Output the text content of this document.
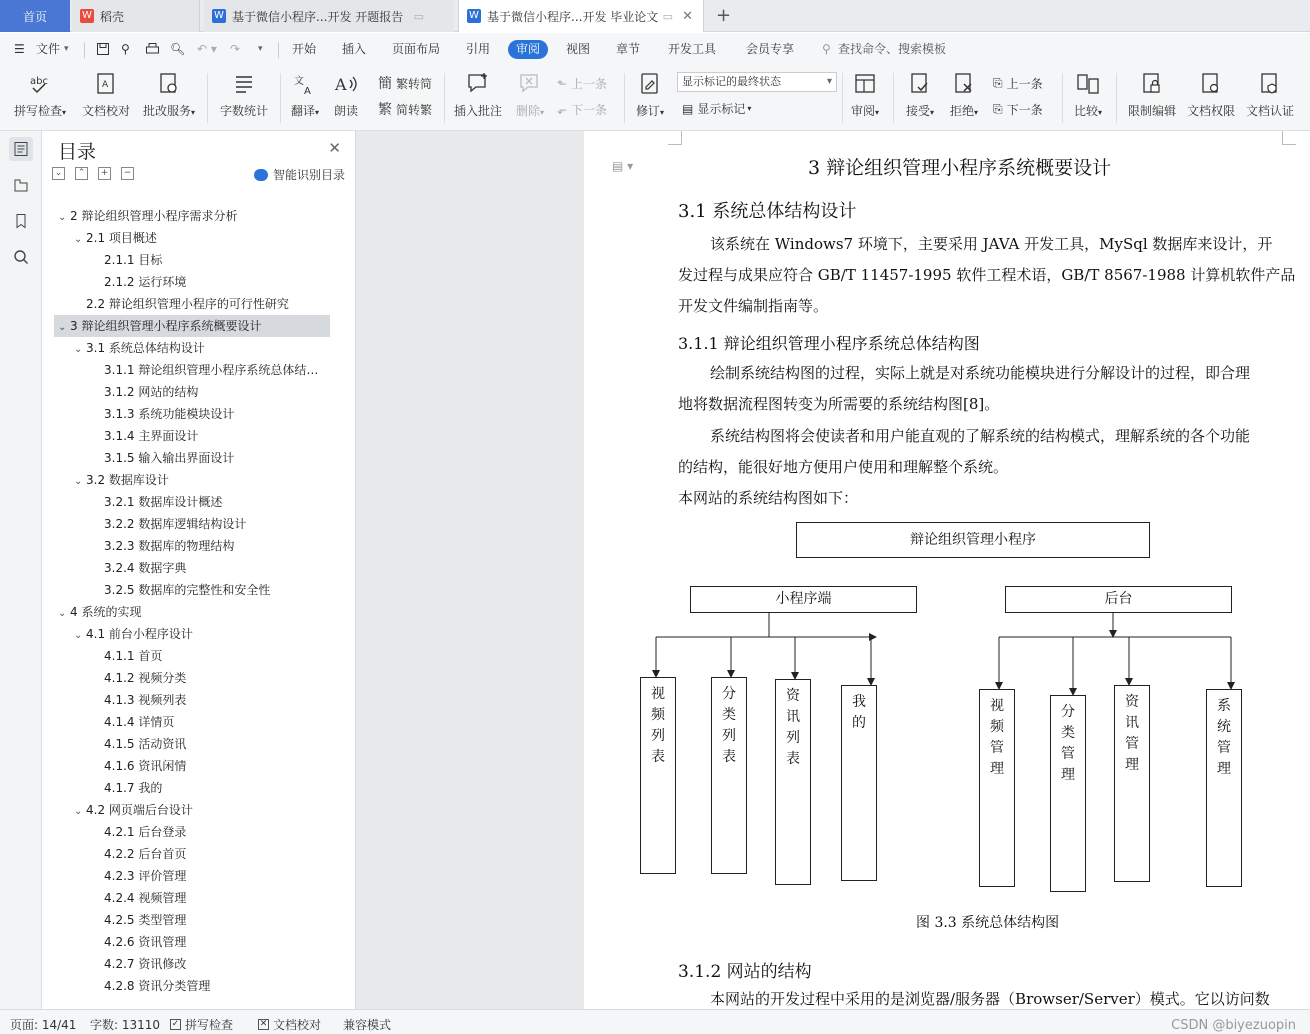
首页	W 稻壳	W 基于微信小程序...开发 开题报告 ▭	W 基于微信小程序...开发 毕业论文 ▭ ✕ +
☰ 文件 ▾	⚲	🔍︎ ↶ ▾ ↷ ▾ 开始 插入 页面布局 引用	审阅	视图 章节 开发工具 会员专享 ⚲ 查找命令、搜索模板
abc
拼写检查▾
A
文档校对 批改服务▾ 字数统计
文
A
翻译▾
A
朗读
簡 繁转简
繁 简转繁 插入批注 删除▾
⬑ 上一条
⬐ 下一条 修订▾
显示标记的最终状态 ▾
▤ 显示标记 ▾	审阅▾ 接受▾ 拒绝▾
⎘ 上一条
⎘ 下一条	比较▾ 限制编辑 文档权限 文档认证
目录	✕
⌄	⌃	+	−	智能识别目录
⌄ 2 辩论组织管理小程序需求分析
⌄ 2.1 项目概述
2.1.1 目标
2.1.2 运行环境
2.2 辩论组织管理小程序的可行性研究
⌄ 3 辩论组织管理小程序系统概要设计
⌄ 3.1 系统总体结构设计
3.1.1 辩论组织管理小程序系统总体结构图
3.1.2 网站的结构
3.1.3 系统功能模块设计
3.1.4 主界面设计
3.1.5 输入输出界面设计
⌄ 3.2 数据库设计
3.2.1 数据库设计概述
3.2.2 数据库逻辑结构设计
3.2.3 数据库的物理结构
3.2.4 数据字典
3.2.5 数据库的完整性和安全性
⌄ 4 系统的实现
⌄ 4.1 前台小程序设计
4.1.1 首页
4.1.2 视频分类
4.1.3 视频列表
4.1.4 详情页
4.1.5 活动资讯
4.1.6 资讯闲情
4.1.7 我的
⌄ 4.2 网页端后台设计
4.2.1 后台登录
4.2.2 后台首页
4.2.3 评价管理
4.2.4 视频管理
4.2.5 类型管理
4.2.6 资讯管理
4.2.7 资讯修改
4.2.8 资讯分类管理
▤ ▾	3 辩论组织管理小程序系统概要设计
3.1 系统总体结构设计
该系统在 Windows7 环境下，主要采用 JAVA 开发工具，MySql 数据库来设计，开
发过程与成果应符合 GB/T 11457-1995 软件工程术语，GB/T 8567-1988 计算机软件产品
开发文件编制指南等。
3.1.1 辩论组织管理小程序系统总体结构图
绘制系统结构图的过程，实际上就是对系统功能模块进行分解设计的过程，即合理
地将数据流程图转变为所需要的系统结构图[8]。
系统结构图将会使读者和用户能直观的了解系统的结构模式，理解系统的各个功能
的结构，能很好地方便用户使用和理解整个系统。
本网站的系统结构图如下：
辩论组织管理小程序
小程序端	后台
视
频
列
表
分
类
列
表
资
讯
列
表
我
的
视
频
管
理
分
类
管
理
资
讯
管
理
系
统
管
理
图 3.3 系统总体结构图
3.1.2 网站的结构
本网站的开发过程中采用的是浏览器/服务器（Browser/Server）模式。它以访问数
页面: 14/41 字数: 13110 ✓ 拼写检查	✕ 文档校对 兼容模式	CSDN @biyezuopin
